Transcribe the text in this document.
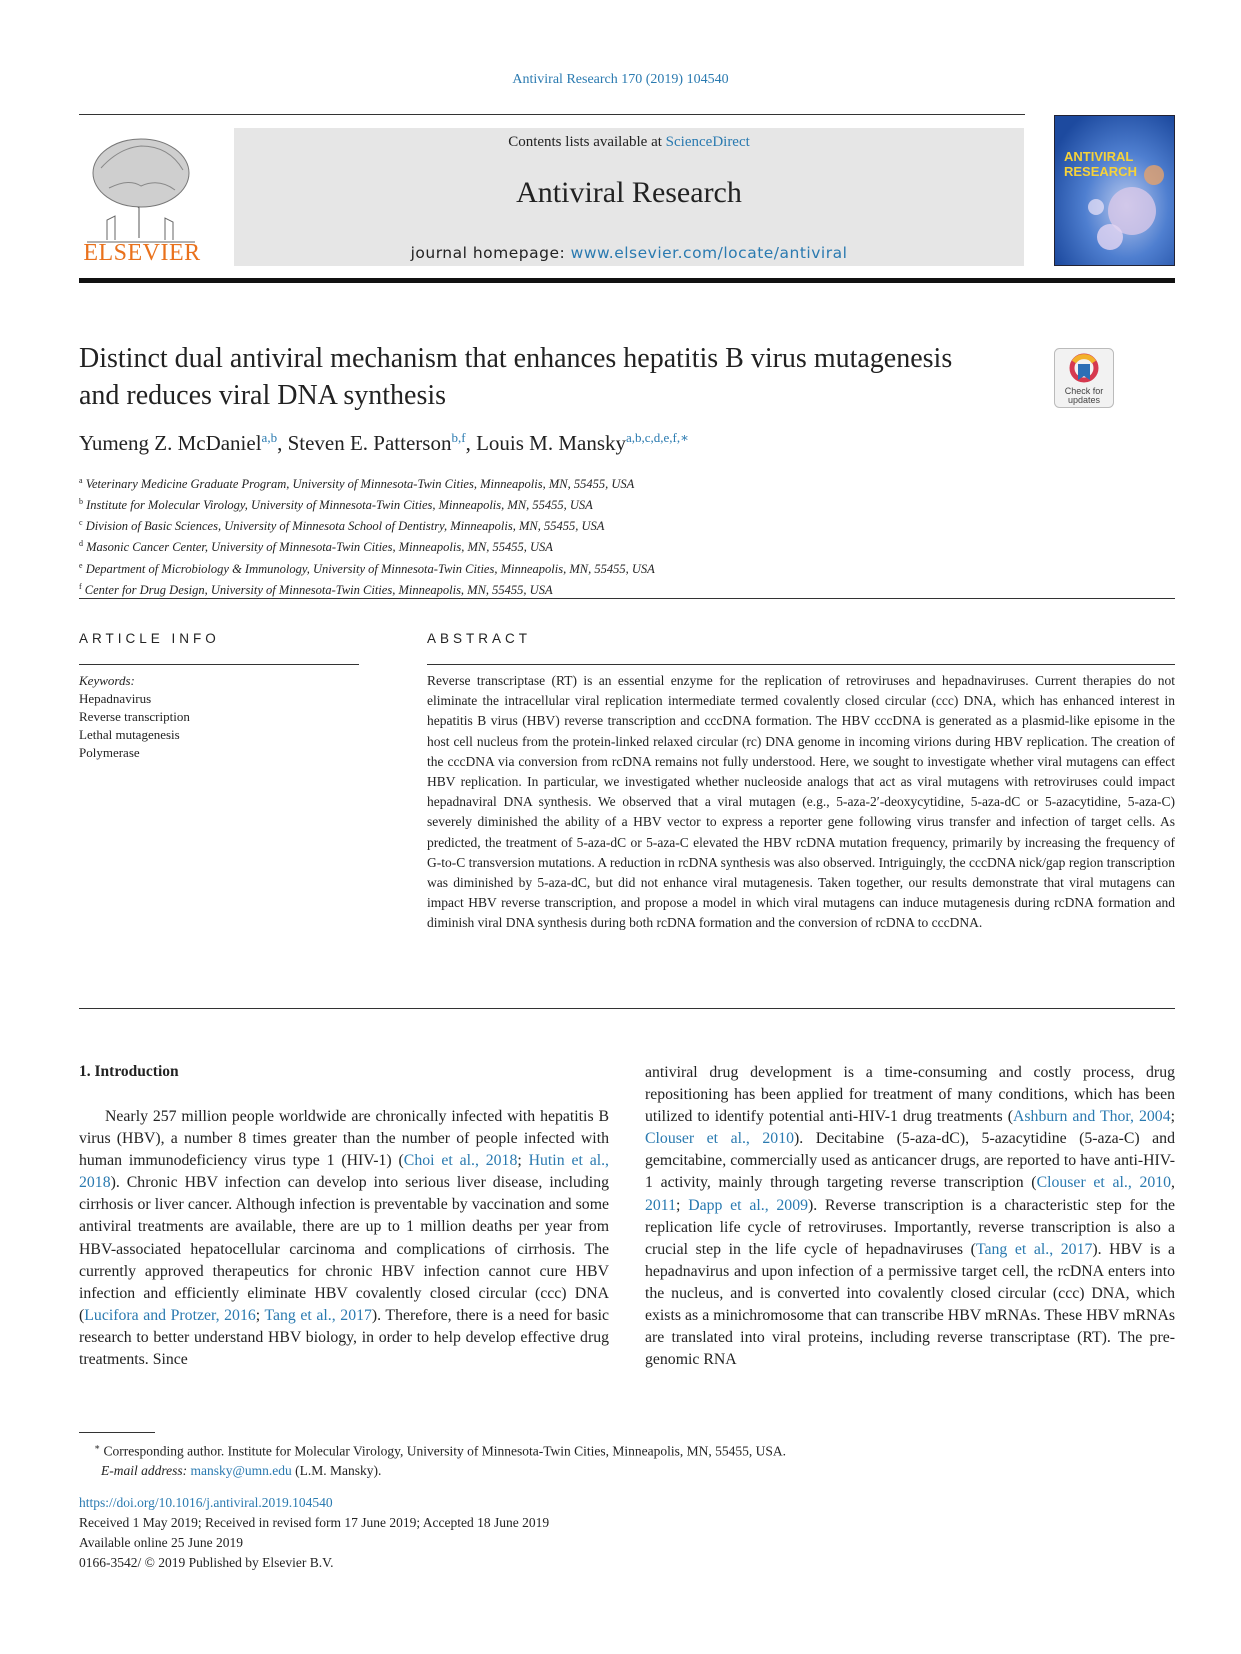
Antiviral Research 170 (2019) 104540
ELSEVIER
Contents lists available at ScienceDirect
Antiviral Research
journal homepage: www.elsevier.com/locate/antiviral
ANTIVIRAL
RESEARCH
Distinct dual antiviral mechanism that enhances hepatitis B virus mutagenesis and reduces viral DNA synthesis	Check for
updates
Yumeng Z. McDaniel$^{a,b}$, Steven E. Patterson$^{b,f}$, Louis M. Mansky$^{a,b,c,d,e,f,∗}$
$^a$ Veterinary Medicine Graduate Program, University of Minnesota-Twin Cities, Minneapolis, MN, 55455, USA
$^b$ Institute for Molecular Virology, University of Minnesota-Twin Cities, Minneapolis, MN, 55455, USA
$^c$ Division of Basic Sciences, University of Minnesota School of Dentistry, Minneapolis, MN, 55455, USA
$^d$ Masonic Cancer Center, University of Minnesota-Twin Cities, Minneapolis, MN, 55455, USA
$^e$ Department of Microbiology & Immunology, University of Minnesota-Twin Cities, Minneapolis, MN, 55455, USA
$^f$ Center for Drug Design, University of Minnesota-Twin Cities, Minneapolis, MN, 55455, USA
ARTICLE INFO
Keywords:
Hepadnavirus
Reverse transcription
Lethal mutagenesis
Polymerase
ABSTRACT
Reverse transcriptase (RT) is an essential enzyme for the replication of retroviruses and hepadnaviruses. Current therapies do not eliminate the intracellular viral replication intermediate termed covalently closed circular (ccc) DNA, which has enhanced interest in hepatitis B virus (HBV) reverse transcription and cccDNA formation. The HBV cccDNA is generated as a plasmid-like episome in the host cell nucleus from the protein-linked relaxed circular (rc) DNA genome in incoming virions during HBV replication. The creation of the cccDNA via conversion from rcDNA remains not fully understood. Here, we sought to investigate whether viral mutagens can effect HBV replication. In particular, we investigated whether nucleoside analogs that act as viral mutagens with retroviruses could impact hepadnaviral DNA synthesis. We observed that a viral mutagen (e.g., 5-aza-2′-deoxycytidine, 5-aza-dC or 5-azacytidine, 5-aza-C) severely diminished the ability of a HBV vector to express a reporter gene following virus transfer and infection of target cells. As predicted, the treatment of 5-aza-dC or 5-aza-C elevated the HBV rcDNA mutation frequency, primarily by increasing the frequency of G-to-C transversion mutations. A reduction in rcDNA synthesis was also observed. Intriguingly, the cccDNA nick/gap region transcription was diminished by 5-aza-dC, but did not enhance viral mutagenesis. Taken together, our results demonstrate that viral mutagens can impact HBV reverse transcription, and propose a model in which viral mutagens can induce mutagenesis during rcDNA formation and diminish viral DNA synthesis during both rcDNA formation and the conversion of rcDNA to cccDNA.
1. Introduction

Nearly 257 million people worldwide are chronically infected with hepatitis B virus (HBV), a number 8 times greater than the number of people infected with human immunodeficiency virus type 1 (HIV-1) (Choi et al., 2018; Hutin et al., 2018). Chronic HBV infection can develop into serious liver disease, including cirrhosis or liver cancer. Although infection is preventable by vaccination and some antiviral treatments are available, there are up to 1 million deaths per year from HBV-associated hepatocellular carcinoma and complications of cirrhosis. The currently approved therapeutics for chronic HBV infection cannot cure HBV infection and efficiently eliminate HBV covalently closed circular (ccc) DNA (Lucifora and Protzer, 2016; Tang et al., 2017). Therefore, there is a need for basic research to better understand HBV biology, in order to help develop effective drug treatments. Since

antiviral drug development is a time-consuming and costly process, drug repositioning has been applied for treatment of many conditions, which has been utilized to identify potential anti-HIV-1 drug treatments (Ashburn and Thor, 2004; Clouser et al., 2010). Decitabine (5-aza-dC), 5-azacytidine (5-aza-C) and gemcitabine, commercially used as anticancer drugs, are reported to have anti-HIV-1 activity, mainly through targeting reverse transcription (Clouser et al., 2010, 2011; Dapp et al., 2009). Reverse transcription is a characteristic step for the replication life cycle of retroviruses. Importantly, reverse transcription is also a crucial step in the life cycle of hepadnaviruses (Tang et al., 2017). HBV is a hepadnavirus and upon infection of a permissive target cell, the rcDNA enters into the nucleus, and is converted into covalently closed circular (ccc) DNA, which exists as a minichromosome that can transcribe HBV mRNAs. These HBV mRNAs are translated into viral proteins, including reverse transcriptase (RT). The pre-genomic RNA

∗ Corresponding author. Institute for Molecular Virology, University of Minnesota-Twin Cities, Minneapolis, MN, 55455, USA.
E-mail address: mansky@umn.edu (L.M. Mansky).
https://doi.org/10.1016/j.antiviral.2019.104540
Received 1 May 2019; Received in revised form 17 June 2019; Accepted 18 June 2019
Available online 25 June 2019
0166-3542/ © 2019 Published by Elsevier B.V.
